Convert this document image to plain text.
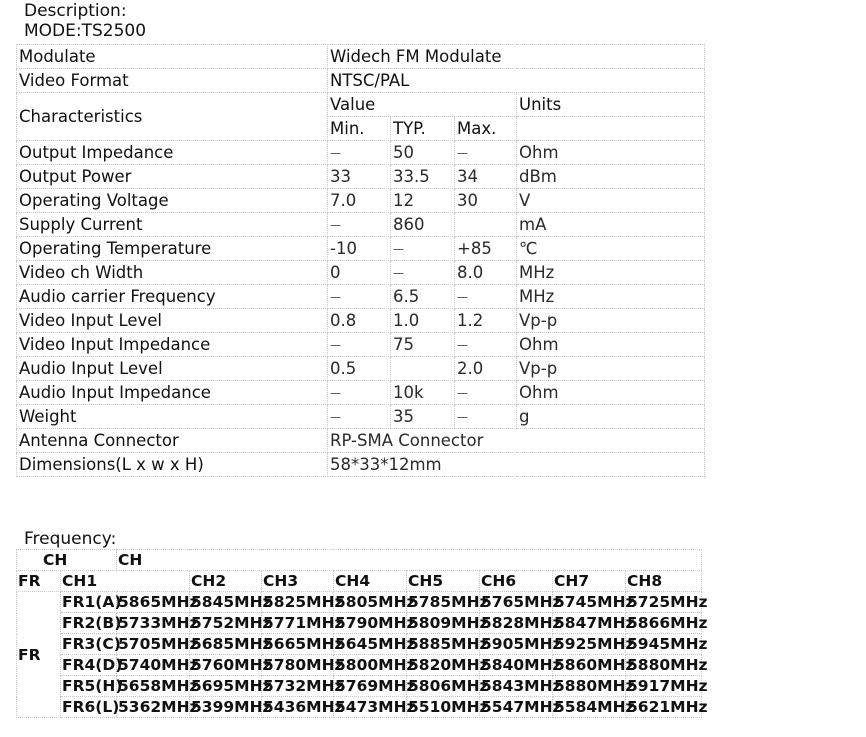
Description:
MODE:TS2500
Modulate	Widech FM Modulate			
Video Format	NTSC/PAL			
Characteristics	Value			Units
	Min.	TYP.	Max.	
Output Impedance	---	50	---	Ohm
Output Power	33	33.5	34	dBm
Operating Voltage	7.0	12	30	V
Supply Current	---	860		mA
Operating Temperature	-10	---	+85	℃
Video ch Width	0	---	8.0	MHz
Audio carrier Frequency	---	6.5	---	MHz
Video Input Level	0.8	1.0	1.2	Vp-p
Video Input Impedance	---	75	---	Ohm
Audio Input Level	0.5		2.0	Vp-p
Audio Input Impedance	---	10k	---	Ohm
Weight	---	35	---	g
Antenna Connector	RP-SMA Connector			
Dimensions(L x w x H)	58*33*12mm			
Frequency:
CH		CH							
FR	CH1		CH2	CH3	CH4	CH5	CH6	CH7	CH8
FR	FR1(A)	5865MHz	5845MHz	5825MHz	5805MHz	5785MHz	5765MHz	5745MHz	5725MHz
	FR2(B)	5733MHz	5752MHz	5771MHz	5790MHz	5809MHz	5828MHz	5847MHz	5866MHz
	FR3(C)	5705MHz	5685MHz	5665MHz	5645MHz	5885MHz	5905MHz	5925MHz	5945MHz
	FR4(D)	5740MHz	5760MHz	5780MHz	5800MHz	5820MHz	5840MHz	5860MHz	5880MHz
	FR5(H)	5658MHz	5695MHz	5732MHz	5769MHz	5806MHz	5843MHz	5880MHz	5917MHz
	FR6(L)	5362MHz	5399MHz	5436MHz	5473MHz	5510MHz	5547MHz	5584MHz	5621MHz
